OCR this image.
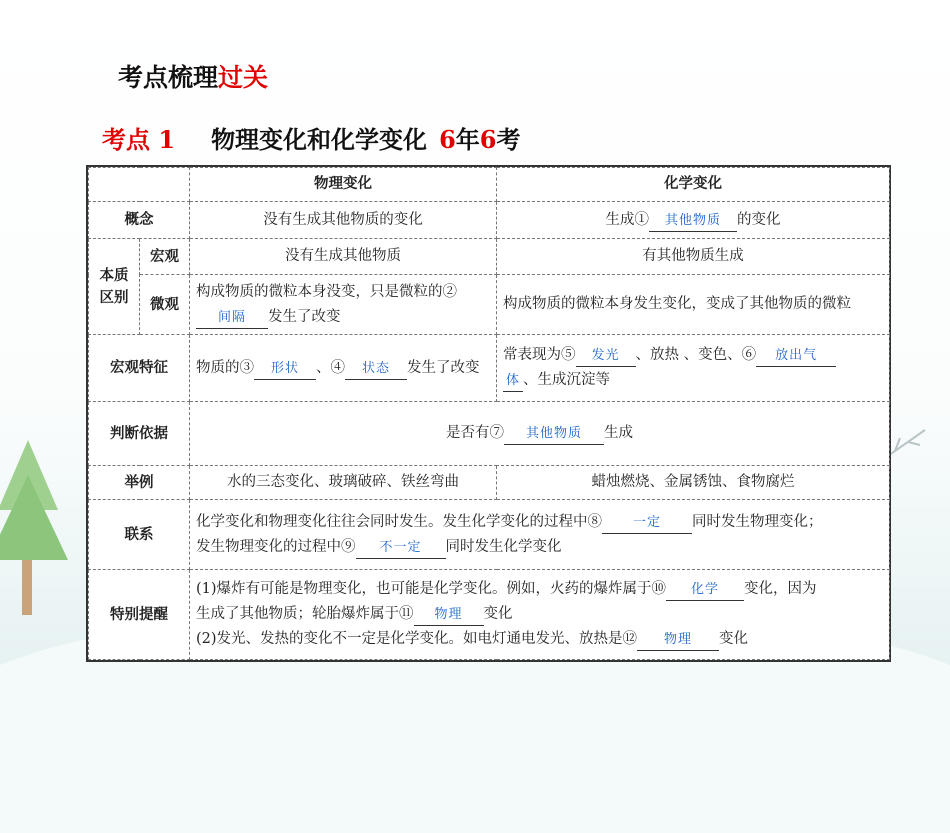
考点梳理过关
考点 1 物理变化和化学变化 6年6考
		物理变化	化学变化
概念		没有生成其他物质的变化	生成① 其他物质 的变化
本质区别	宏观	没有生成其他物质	有其他物质生成
	微观	构成物质的微粒本身没变，只是微粒的②间隔 发生了改变	构成物质的微粒本身发生变化，变成了其他物质的微粒
宏观特征		物质的③ 形状 、④ 状态 发生了改变	常表现为⑤ 发光 、放热 、变色、⑥ 放出气
体 、生成沉淀等
判断依据		是否有⑦ 其他物质 生成	
举例		水的三态变化、玻璃破碎、铁丝弯曲	蜡烛燃烧、金属锈蚀、食物腐烂
联系		化学变化和物理变化往往会同时发生。发生化学变化的过程中⑧ 一定 同时发生物理变化；
发生物理变化的过程中⑨ 不一定 同时发生化学变化	
特别提醒		(1)爆炸有可能是物理变化，也可能是化学变化。例如，火药的爆炸属于⑩ 化学 变化，因为
生成了其他物质；轮胎爆炸属于⑪ 物理 变化
(2)发光、发热的变化不一定是化学变化。如电灯通电发光、放热是⑫ 物理 变化	
